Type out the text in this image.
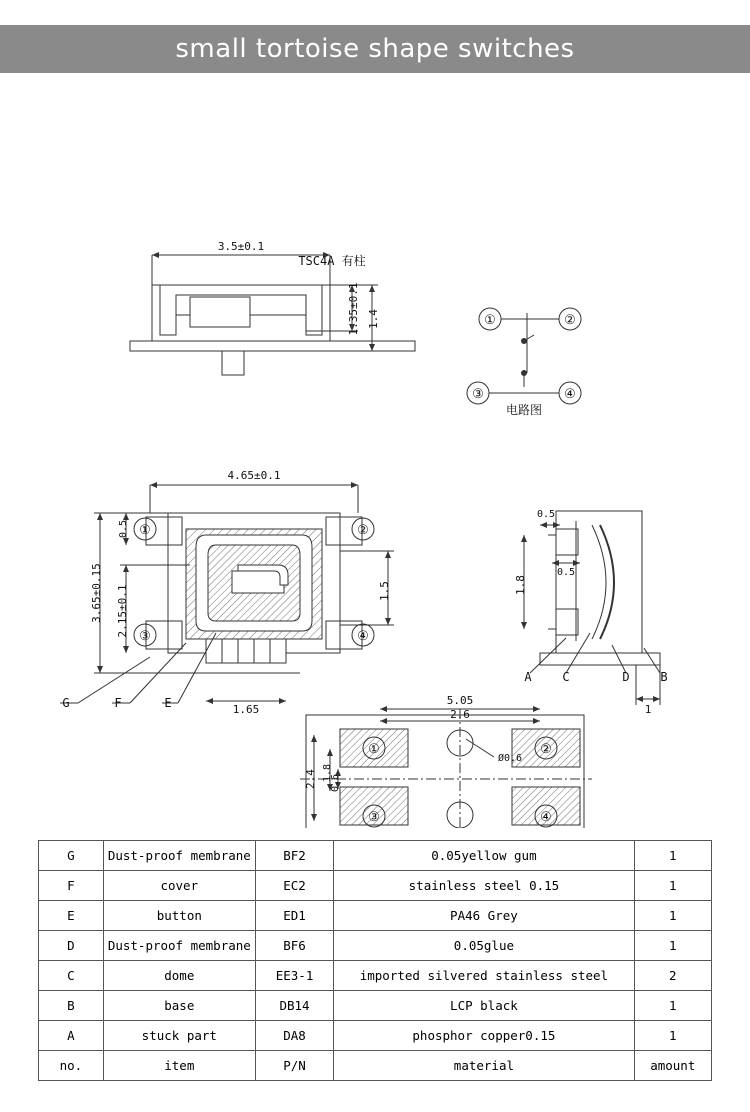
small tortoise shape switches
3.5±0.1
TSC4A 有柱
1.35±0.1 1.4	①	②
③	④
电路图
4.65±0.1
3.65±0.15 2.15±0.1
0.5
1.5
1.65
①	②
③	④
G	F	E
1.8
0.5
0.5
1
A	C	D	B
5.05
2.6
2.4 1.8
0.6
Ø0.6
①	②
③	④
G	Dust-proof membrane	BF2	0.05yellow gum	1
F	cover	EC2	stainless steel 0.15	1
E	button	ED1	PA46 Grey	1
D	Dust-proof membrane	BF6	0.05glue	1
C	dome	EE3-1	imported silvered stainless steel	2
B	base	DB14	LCP black	1
A	stuck part	DA8	phosphor copper0.15	1
no.	item	P/N	material	amount
